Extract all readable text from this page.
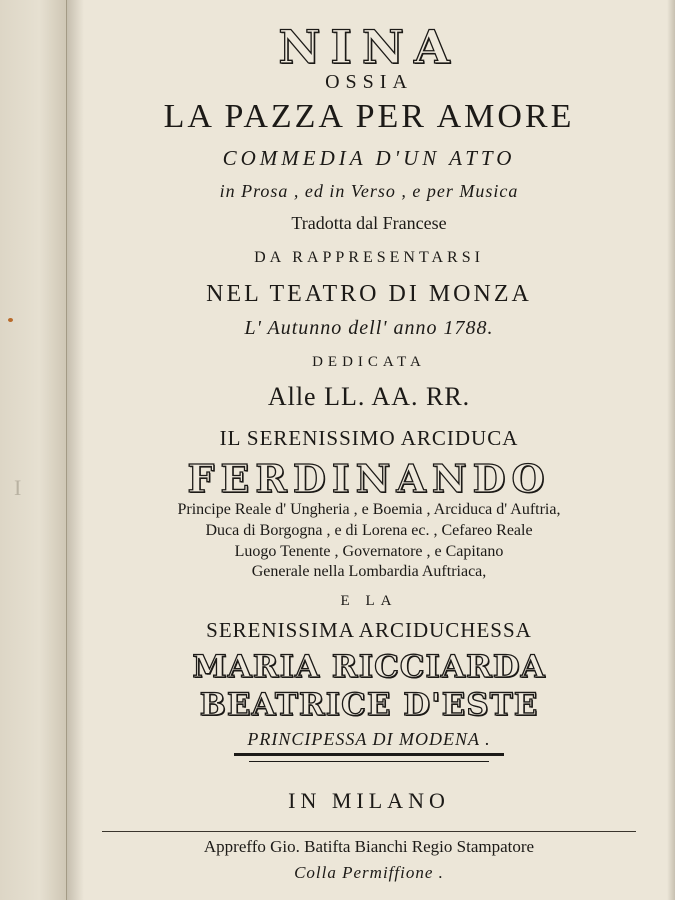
I
NINA
OSSIA
LA PAZZA PER AMORE
COMMEDIA D'UN ATTO
in Prosa , ed in Verso , e per Musica
Tradotta dal Francese
DA RAPPRESENTARSI
NEL TEATRO DI MONZA
L' Autunno dell' anno 1788.
DEDICATA
Alle LL. AA. RR.
IL SERENISSIMO ARCIDUCA
FERDINANDO
Principe Reale d' Ungheria , e Boemia , Arciduca d' Auftria,
Duca di Borgogna , e di Lorena ec. , Cefareo Reale
Luogo Tenente , Governatore , e Capitano
Generale nella Lombardia Auftriaca,
E LA
SERENISSIMA ARCIDUCHESSA
MARIA RICCIARDA
BEATRICE D'ESTE
PRINCIPESSA DI MODENA .
IN MILANO
Appreffo Gio. Batifta Bianchi Regio Stampatore
Colla Permiffione .
